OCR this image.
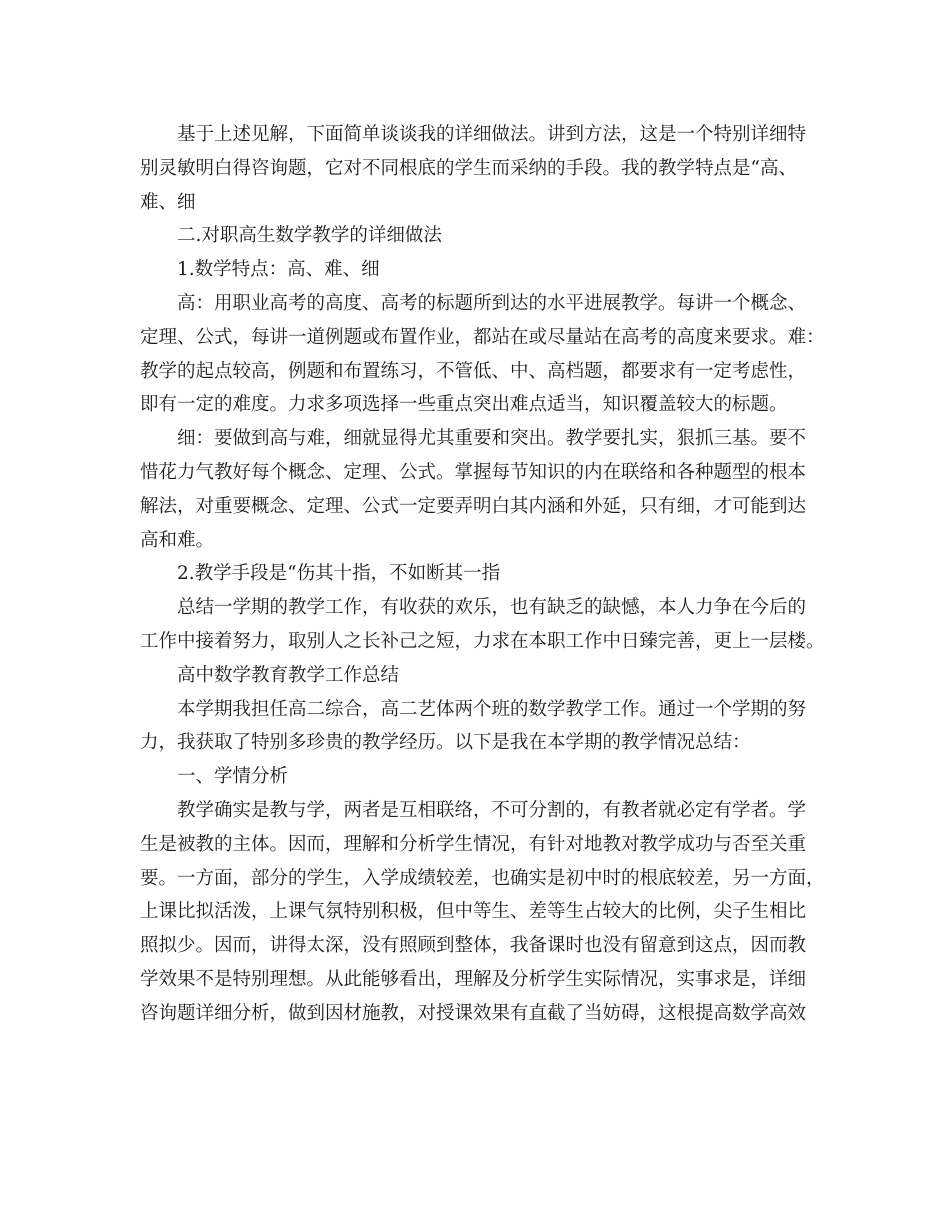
基于上述见解，下面简单谈谈我的详细做法。讲到方法，这是一个特别详细特
别灵敏明白得咨询题，它对不同根底的学生而采纳的手段。我的教学特点是“高、
难、细
二.对职高生数学教学的详细做法
1.数学特点：高、难、细
高：用职业高考的高度、高考的标题所到达的水平进展教学。每讲一个概念、
定理、公式，每讲一道例题或布置作业，都站在或尽量站在高考的高度来要求。难：
教学的起点较高，例题和布置练习，不管低、中、高档题，都要求有一定考虑性，
即有一定的难度。力求多项选择一些重点突出难点适当，知识覆盖较大的标题。
细：要做到高与难，细就显得尤其重要和突出。教学要扎实，狠抓三基。要不
惜花力气教好每个概念、定理、公式。掌握每节知识的内在联络和各种题型的根本
解法，对重要概念、定理、公式一定要弄明白其内涵和外延，只有细，才可能到达
高和难。
2.教学手段是“伤其十指，不如断其一指
总结一学期的教学工作，有收获的欢乐，也有缺乏的缺憾，本人力争在今后的
工作中接着努力，取别人之长补己之短，力求在本职工作中日臻完善，更上一层楼。
高中数学教育教学工作总结
本学期我担任高二综合，高二艺体两个班的数学教学工作。通过一个学期的努
力，我获取了特别多珍贵的教学经历。以下是我在本学期的教学情况总结：
一、学情分析
教学确实是教与学，两者是互相联络，不可分割的，有教者就必定有学者。学
生是被教的主体。因而，理解和分析学生情况，有针对地教对教学成功与否至关重
要。一方面，部分的学生，入学成绩较差，也确实是初中时的根底较差，另一方面，
上课比拟活泼，上课气氛特别积极，但中等生、差等生占较大的比例，尖子生相比
照拟少。因而，讲得太深，没有照顾到整体，我备课时也没有留意到这点，因而教
学效果不是特别理想。从此能够看出，理解及分析学生实际情况，实事求是，详细
咨询题详细分析，做到因材施教，对授课效果有直截了当妨碍，这根提高数学高效
